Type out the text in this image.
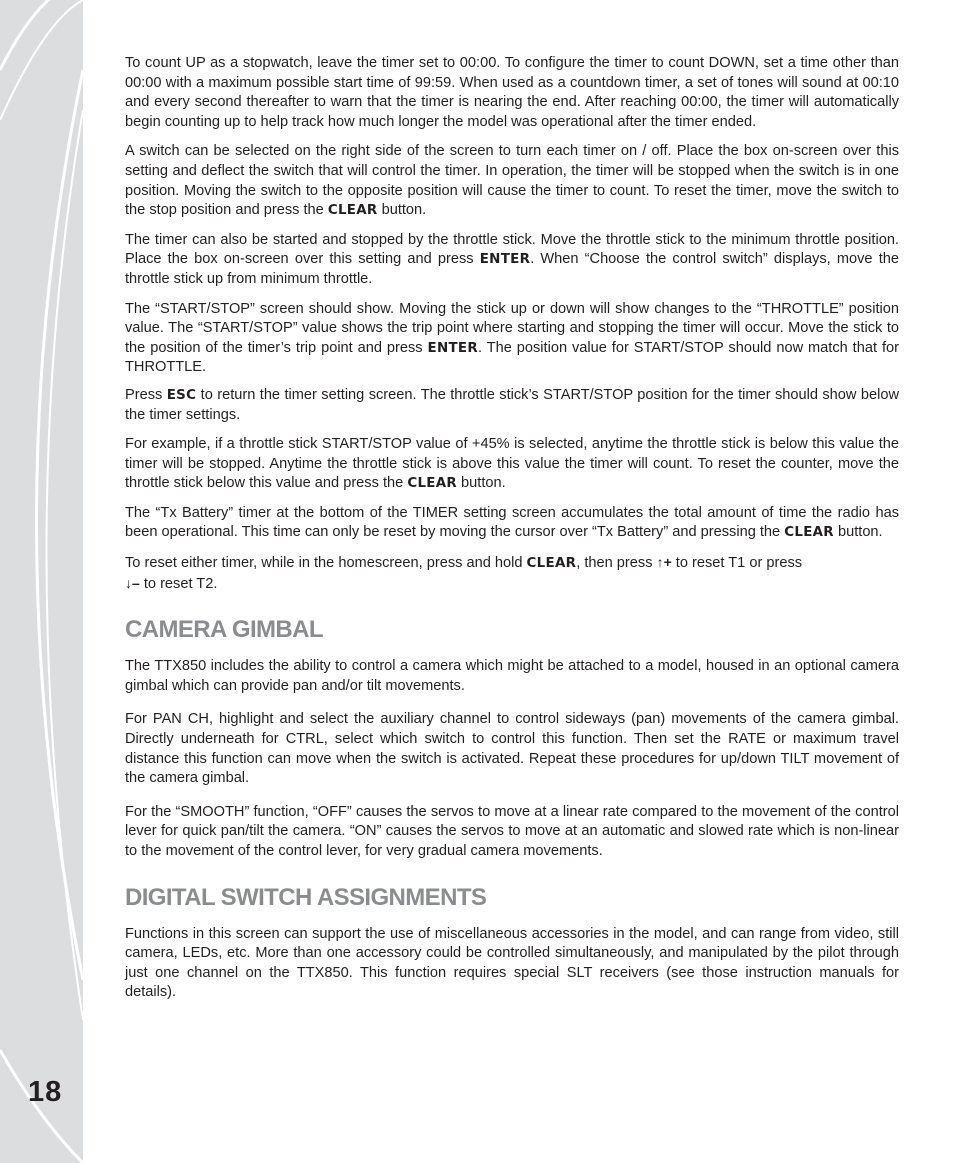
18

To count UP as a stopwatch, leave the timer set to 00:00. To configure the timer to count DOWN, set a time other than 00:00 with a maximum possible start time of 99:59. When used as a countdown timer, a set of tones will sound at 00:10 and every second thereafter to warn that the timer is nearing the end. After reaching 00:00, the timer will automatically begin counting up to help track how much longer the model was operational after the timer ended.

A switch can be selected on the right side of the screen to turn each timer on / off. Place the box on-screen over this setting and deflect the switch that will control the timer. In operation, the timer will be stopped when the switch is in one position. Moving the switch to the opposite position will cause the timer to count. To reset the timer, move the switch to the stop position and press the CLEAR button.

The timer can also be started and stopped by the throttle stick. Move the throttle stick to the minimum throttle position. Place the box on-screen over this setting and press ENTER. When “Choose the control switch” displays, move the throttle stick up from minimum throttle.

The “START/STOP” screen should show. Moving the stick up or down will show changes to the “THROTTLE” position value. The “START/STOP” value shows the trip point where starting and stopping the timer will occur. Move the stick to the position of the timer’s trip point and press ENTER. The position value for START/STOP should now match that for THROTTLE.

Press ESC to return the timer setting screen. The throttle stick’s START/STOP position for the timer should show below the timer settings.

For example, if a throttle stick START/STOP value of +45% is selected, anytime the throttle stick is below this value the timer will be stopped. Anytime the throttle stick is above this value the timer will count. To reset the counter, move the throttle stick below this value and press the CLEAR button.

The “Tx Battery” timer at the bottom of the TIMER setting screen accumulates the total amount of time the radio has been operational. This time can only be reset by moving the cursor over “Tx Battery” and pressing the CLEAR button.

To reset either timer, while in the homescreen, press and hold CLEAR, then press ↑+ to reset T1 or press
↓– to reset T2.

CAMERA GIMBAL

The TTX850 includes the ability to control a camera which might be attached to a model, housed in an optional camera gimbal which can provide pan and/or tilt movements.

For PAN CH, highlight and select the auxiliary channel to control sideways (pan) movements of the camera gimbal. Directly underneath for CTRL, select which switch to control this function. Then set the RATE or maximum travel distance this function can move when the switch is activated. Repeat these procedures for up/down TILT movement of the camera gimbal.

For the “SMOOTH” function, “OFF” causes the servos to move at a linear rate compared to the movement of the control lever for quick pan/tilt the camera. “ON” causes the servos to move at an automatic and slowed rate which is non-linear to the movement of the control lever, for very gradual camera movements.

DIGITAL SWITCH ASSIGNMENTS

Functions in this screen can support the use of miscellaneous accessories in the model, and can range from video, still camera, LEDs, etc. More than one accessory could be controlled simultaneously, and manipulated by the pilot through just one channel on the TTX850. This function requires special SLT receivers (see those instruction manuals for details).
